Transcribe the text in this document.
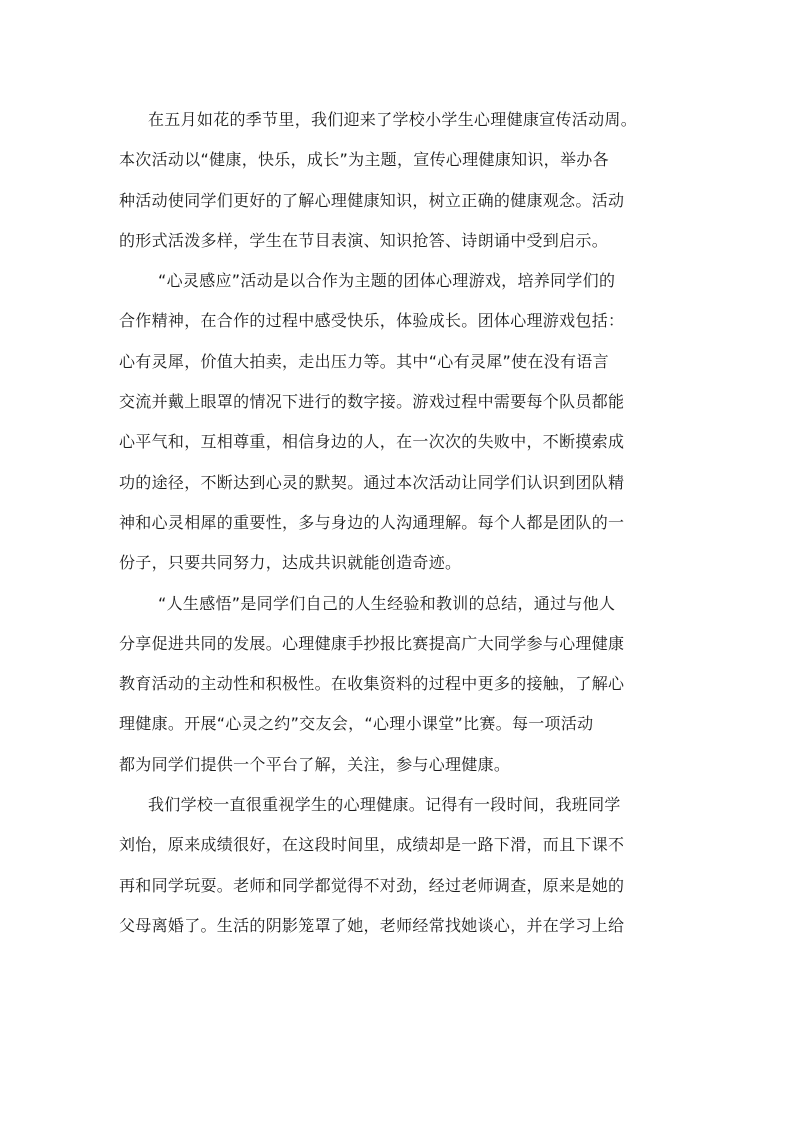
在五月如花的季节里，我们迎来了学校小学生心理健康宣传活动周。
本次活动以“健康，快乐，成长”为主题，宣传心理健康知识，举办各
种活动使同学们更好的了解心理健康知识，树立正确的健康观念。活动
的形式活泼多样，学生在节目表演、知识抢答、诗朗诵中受到启示。

“心灵感应”活动是以合作为主题的团体心理游戏，培养同学们的
合作精神，在合作的过程中感受快乐，体验成长。团体心理游戏包括：
心有灵犀，价值大拍卖，走出压力等。其中“心有灵犀”使在没有语言
交流并戴上眼罩的情况下进行的数字接。游戏过程中需要每个队员都能
心平气和，互相尊重，相信身边的人，在一次次的失败中，不断摸索成
功的途径，不断达到心灵的默契。通过本次活动让同学们认识到团队精
神和心灵相犀的重要性，多与身边的人沟通理解。每个人都是团队的一
份子，只要共同努力，达成共识就能创造奇迹。

“人生感悟”是同学们自己的人生经验和教训的总结，通过与他人
分享促进共同的发展。心理健康手抄报比赛提高广大同学参与心理健康
教育活动的主动性和积极性。在收集资料的过程中更多的接触，了解心
理健康。开展“心灵之约”交友会，“心理小课堂”比赛。每一项活动
都为同学们提供一个平台了解，关注，参与心理健康。

我们学校一直很重视学生的心理健康。记得有一段时间，我班同学
刘怡，原来成绩很好，在这段时间里，成绩却是一路下滑，而且下课不
再和同学玩耍。老师和同学都觉得不对劲，经过老师调查，原来是她的
父母离婚了。生活的阴影笼罩了她，老师经常找她谈心，并在学习上给
